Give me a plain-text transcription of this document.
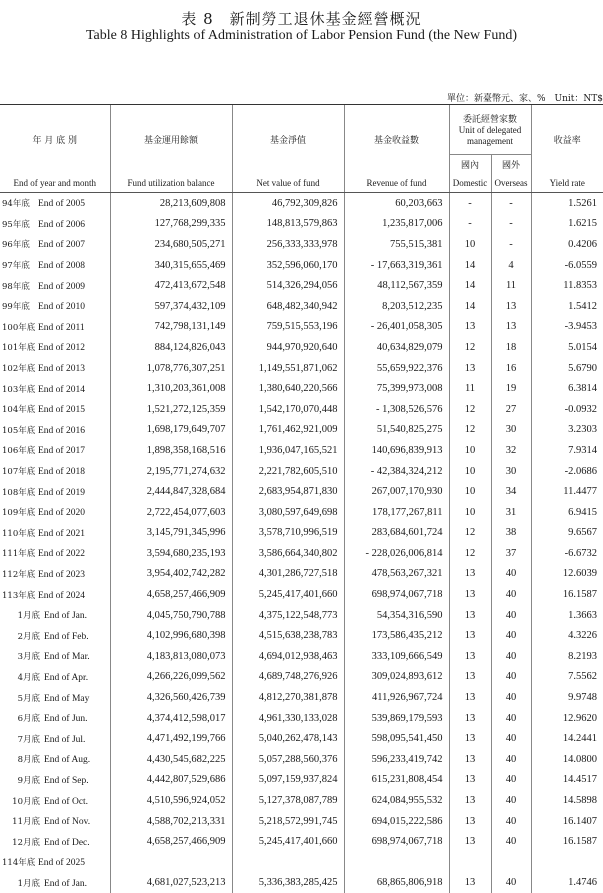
表 8　新制勞工退休基金經營概況
Table 8 Highlights of Administration of Labor Pension Fund (the New Fund)
單位：新臺幣元、家、%　Unit：NT$
年 月 底 別	基金運用餘額	基金淨值	基金收益數	委託經營家數
Unit of delegated management		收益率
				國內	國外	
End of year and month	Fund utilization balance	Net value of fund	Revenue of fund	Domestic	Overseas	Yield rate
94年底 End of 2005	28,213,609,808	46,792,309,826	60,203,663	-	-	1.5261
95年底 End of 2006	127,768,299,335	148,813,579,863	1,235,817,006	-	-	1.6215
96年底 End of 2007	234,680,505,271	256,333,333,978	755,515,381	10	-	0.4206
97年底 End of 2008	340,315,655,469	352,596,060,170	- 17,663,319,361	14	4	-6.0559
98年底 End of 2009	472,413,672,548	514,326,294,056	48,112,567,359	14	11	11.8353
99年底 End of 2010	597,374,432,109	648,482,340,942	8,203,512,235	14	13	1.5412
100年底 End of 2011	742,798,131,149	759,515,553,196	- 26,401,058,305	13	13	-3.9453
101年底 End of 2012	884,124,826,043	944,970,920,640	40,634,829,079	12	18	5.0154
102年底 End of 2013	1,078,776,307,251	1,149,551,871,062	55,659,922,376	13	16	5.6790
103年底 End of 2014	1,310,203,361,008	1,380,640,220,566	75,399,973,008	11	19	6.3814
104年底 End of 2015	1,521,272,125,359	1,542,170,070,448	- 1,308,526,576	12	27	-0.0932
105年底 End of 2016	1,698,179,649,707	1,761,462,921,009	51,540,825,275	12	30	3.2303
106年底 End of 2017	1,898,358,168,516	1,936,047,165,521	140,696,839,913	10	32	7.9314
107年底 End of 2018	2,195,771,274,632	2,221,782,605,510	- 42,384,324,212	10	30	-2.0686
108年底 End of 2019	2,444,847,328,684	2,683,954,871,830	267,007,170,930	10	34	11.4477
109年底 End of 2020	2,722,454,077,603	3,080,597,649,698	178,177,267,811	10	31	6.9415
110年底 End of 2021	3,145,791,345,996	3,578,710,996,519	283,684,601,724	12	38	9.6567
111年底 End of 2022	3,594,680,235,193	3,586,664,340,802	- 228,026,006,814	12	37	-6.6732
112年底 End of 2023	3,954,402,742,282	4,301,286,727,518	478,563,267,321	13	40	12.6039
113年底 End of 2024	4,658,257,466,909	5,245,417,401,660	698,974,067,718	13	40	16.1587
1月底 End of Jan.	4,045,750,790,788	4,375,122,548,773	54,354,316,590	13	40	1.3663
2月底 End of Feb.	4,102,996,680,398	4,515,638,238,783	173,586,435,212	13	40	4.3226
3月底 End of Mar.	4,183,813,080,073	4,694,012,938,463	333,109,666,549	13	40	8.2193
4月底 End of Apr.	4,266,226,099,562	4,689,748,276,926	309,024,893,612	13	40	7.5562
5月底 End of May	4,326,560,426,739	4,812,270,381,878	411,926,967,724	13	40	9.9748
6月底 End of Jun.	4,374,412,598,017	4,961,330,133,028	539,869,179,593	13	40	12.9620
7月底 End of Jul.	4,471,492,199,766	5,040,262,478,143	598,095,541,450	13	40	14.2441
8月底 End of Aug.	4,430,545,682,225	5,057,288,560,376	596,233,419,742	13	40	14.0800
9月底 End of Sep.	4,442,807,529,686	5,097,159,937,824	615,231,808,454	13	40	14.4517
10月底 End of Oct.	4,510,596,924,052	5,127,378,087,789	624,084,955,532	13	40	14.5898
11月底 End of Nov.	4,588,702,213,331	5,218,572,991,745	694,015,222,586	13	40	16.1407
12月底 End of Dec.	4,658,257,466,909	5,245,417,401,660	698,974,067,718	13	40	16.1587
114年底 End of 2025						
1月底 End of Jan.	4,681,027,523,213	5,336,383,285,425	68,865,806,918	13	40	1.4746
